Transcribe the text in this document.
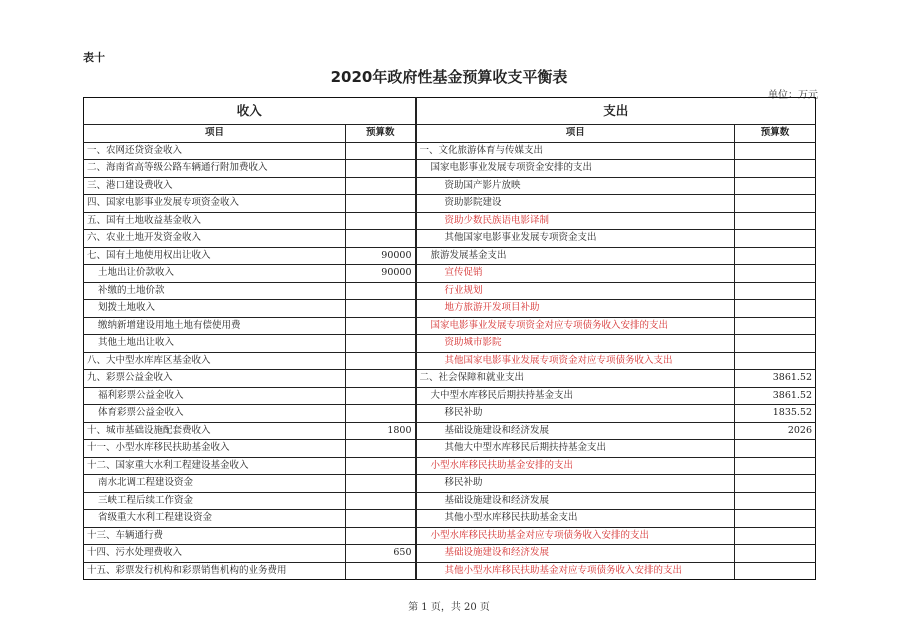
表十
2020年政府性基金预算收支平衡表
单位：万元
收入		支出	
项目	预算数	项目	预算数
一、农网还贷资金收入		一、文化旅游体育与传媒支出	
二、海南省高等级公路车辆通行附加费收入		国家电影事业发展专项资金安排的支出	
三、港口建设费收入		资助国产影片放映	
四、国家电影事业发展专项资金收入		资助影院建设	
五、国有土地收益基金收入		资助少数民族语电影译制	
六、农业土地开发资金收入		其他国家电影事业发展专项资金支出	
七、国有土地使用权出让收入	90000	旅游发展基金支出	
土地出让价款收入	90000	宣传促销	
补缴的土地价款		行业规划	
划拨土地收入		地方旅游开发项目补助	
缴纳新增建设用地土地有偿使用费		国家电影事业发展专项资金对应专项债务收入安排的支出	
其他土地出让收入		资助城市影院	
八、大中型水库库区基金收入		其他国家电影事业发展专项资金对应专项债务收入支出	
九、彩票公益金收入		二、社会保障和就业支出	3861.52
福利彩票公益金收入		大中型水库移民后期扶持基金支出	3861.52
体育彩票公益金收入		移民补助	1835.52
十、城市基础设施配套费收入	1800	基础设施建设和经济发展	2026
十一、小型水库移民扶助基金收入		其他大中型水库移民后期扶持基金支出	
十二、国家重大水利工程建设基金收入		小型水库移民扶助基金安排的支出	
南水北调工程建设资金		移民补助	
三峡工程后续工作资金		基础设施建设和经济发展	
省级重大水利工程建设资金		其他小型水库移民扶助基金支出	
十三、车辆通行费		小型水库移民扶助基金对应专项债务收入安排的支出	
十四、污水处理费收入	650	基础设施建设和经济发展	
十五、彩票发行机构和彩票销售机构的业务费用		其他小型水库移民扶助基金对应专项债务收入安排的支出	
第 1 页，共 20 页
